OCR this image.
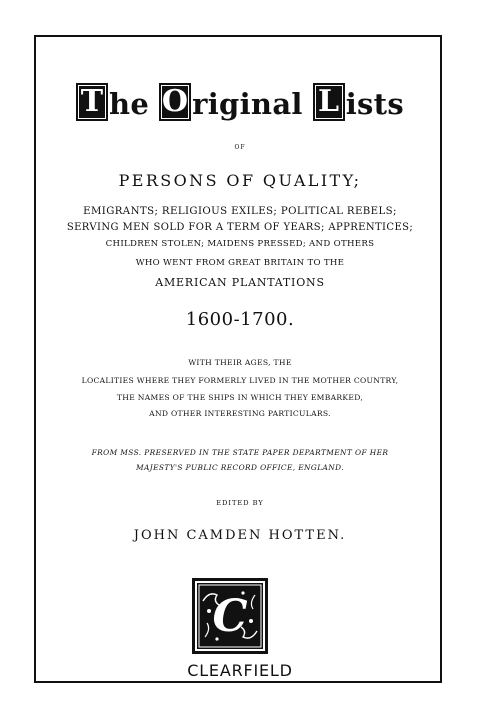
T he O riginal L ists
OF
PERSONS OF QUALITY;
EMIGRANTS; RELIGIOUS EXILES; POLITICAL REBELS;
SERVING MEN SOLD FOR A TERM OF YEARS; APPRENTICES;
CHILDREN STOLEN; MAIDENS PRESSED; AND OTHERS
WHO WENT FROM GREAT BRITAIN TO THE
AMERICAN PLANTATIONS
1600-1700.
WITH THEIR AGES, THE
LOCALITIES WHERE THEY FORMERLY LIVED IN THE MOTHER COUNTRY,
THE NAMES OF THE SHIPS IN WHICH THEY EMBARKED,
AND OTHER INTERESTING PARTICULARS.
FROM MSS. PRESERVED IN THE STATE PAPER DEPARTMENT OF HER
MAJESTY'S PUBLIC RECORD OFFICE, ENGLAND.
EDITED BY
JOHN CAMDEN HOTTEN.
C
CLEARFIELD
